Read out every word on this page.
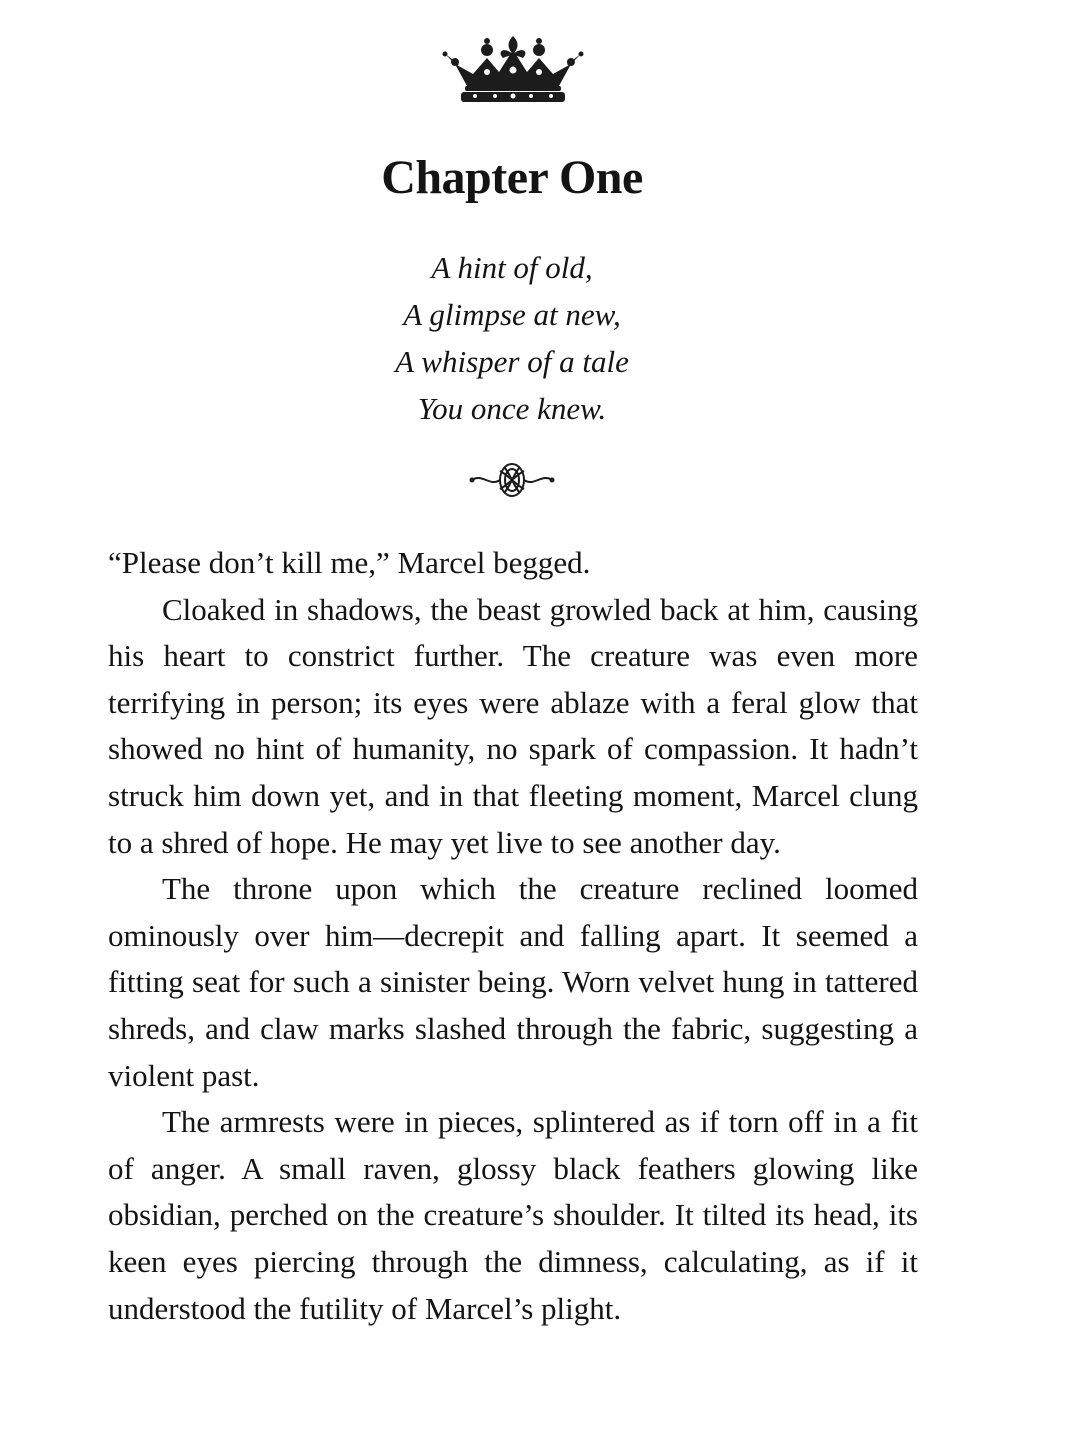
Chapter One
A hint of old,
A glimpse at new,
A whisper of a tale
You once knew.

“Please don’t kill me,” Marcel begged.

Cloaked in shadows, the beast growled back at him, causing his heart to constrict further. The creature was even more terrifying in person; its eyes were ablaze with a feral glow that showed no hint of humanity, no spark of compassion. It hadn’t struck him down yet, and in that fleeting moment, Marcel clung to a shred of hope. He may yet live to see another day.

The throne upon which the creature reclined loomed ominously over him—decrepit and falling apart. It seemed a fitting seat for such a sinister being. Worn velvet hung in tattered shreds, and claw marks slashed through the fabric, suggesting a violent past.

The armrests were in pieces, splintered as if torn off in a fit of anger. A small raven, glossy black feathers glowing like obsidian, perched on the creature’s shoulder. It tilted its head, its keen eyes piercing through the dimness, calculating, as if it understood the futility of Marcel’s plight.
